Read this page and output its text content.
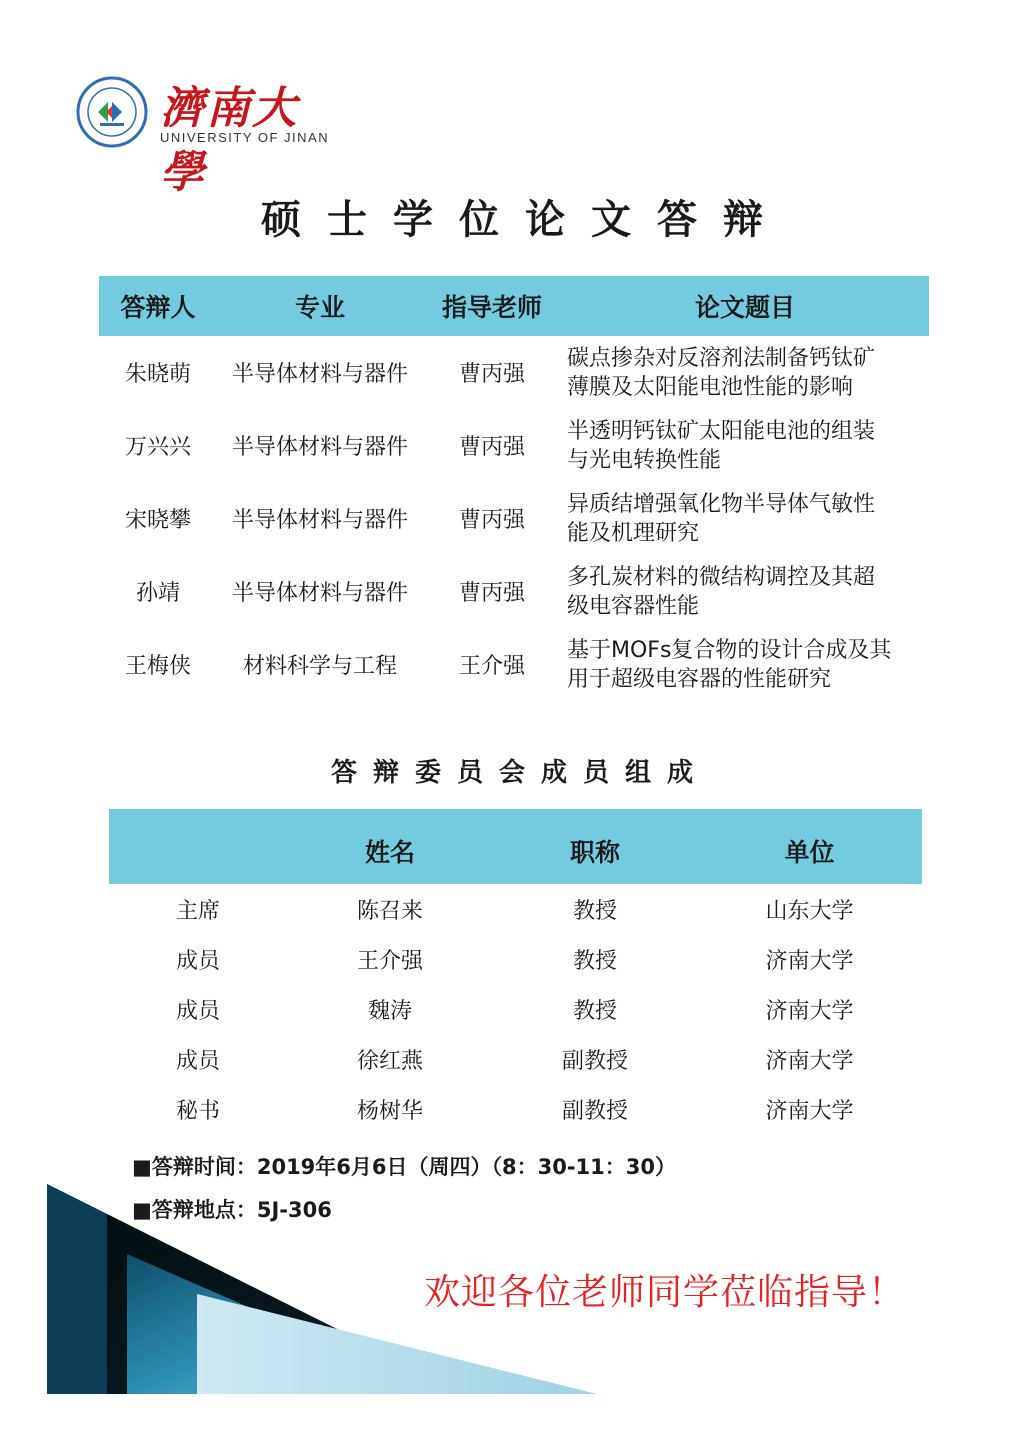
濟南大學
UNIVERSITY OF JINAN
硕士学位论文答辩
答辩人	专业	指导老师	论文题目
朱晓萌	半导体材料与器件	曹丙强	碳点掺杂对反溶剂法制备钙钛矿
薄膜及太阳能电池性能的影响
万兴兴	半导体材料与器件	曹丙强	半透明钙钛矿太阳能电池的组装
与光电转换性能
宋晓攀	半导体材料与器件	曹丙强	异质结增强氧化物半导体气敏性
能及机理研究
孙靖	半导体材料与器件	曹丙强	多孔炭材料的微结构调控及其超
级电容器性能
王梅侠	材料科学与工程	王介强	基于MOFs复合物的设计合成及其
用于超级电容器的性能研究
答辩委员会成员组成
	姓名	职称	单位
主席	陈召来	教授	山东大学
成员	王介强	教授	济南大学
成员	魏涛	教授	济南大学
成员	徐红燕	副教授	济南大学
秘书	杨树华	副教授	济南大学
■答辩时间：2019年6月6日（周四）（8：30-11：30）
■答辩地点：5J-306
欢迎各位老师同学莅临指导！
